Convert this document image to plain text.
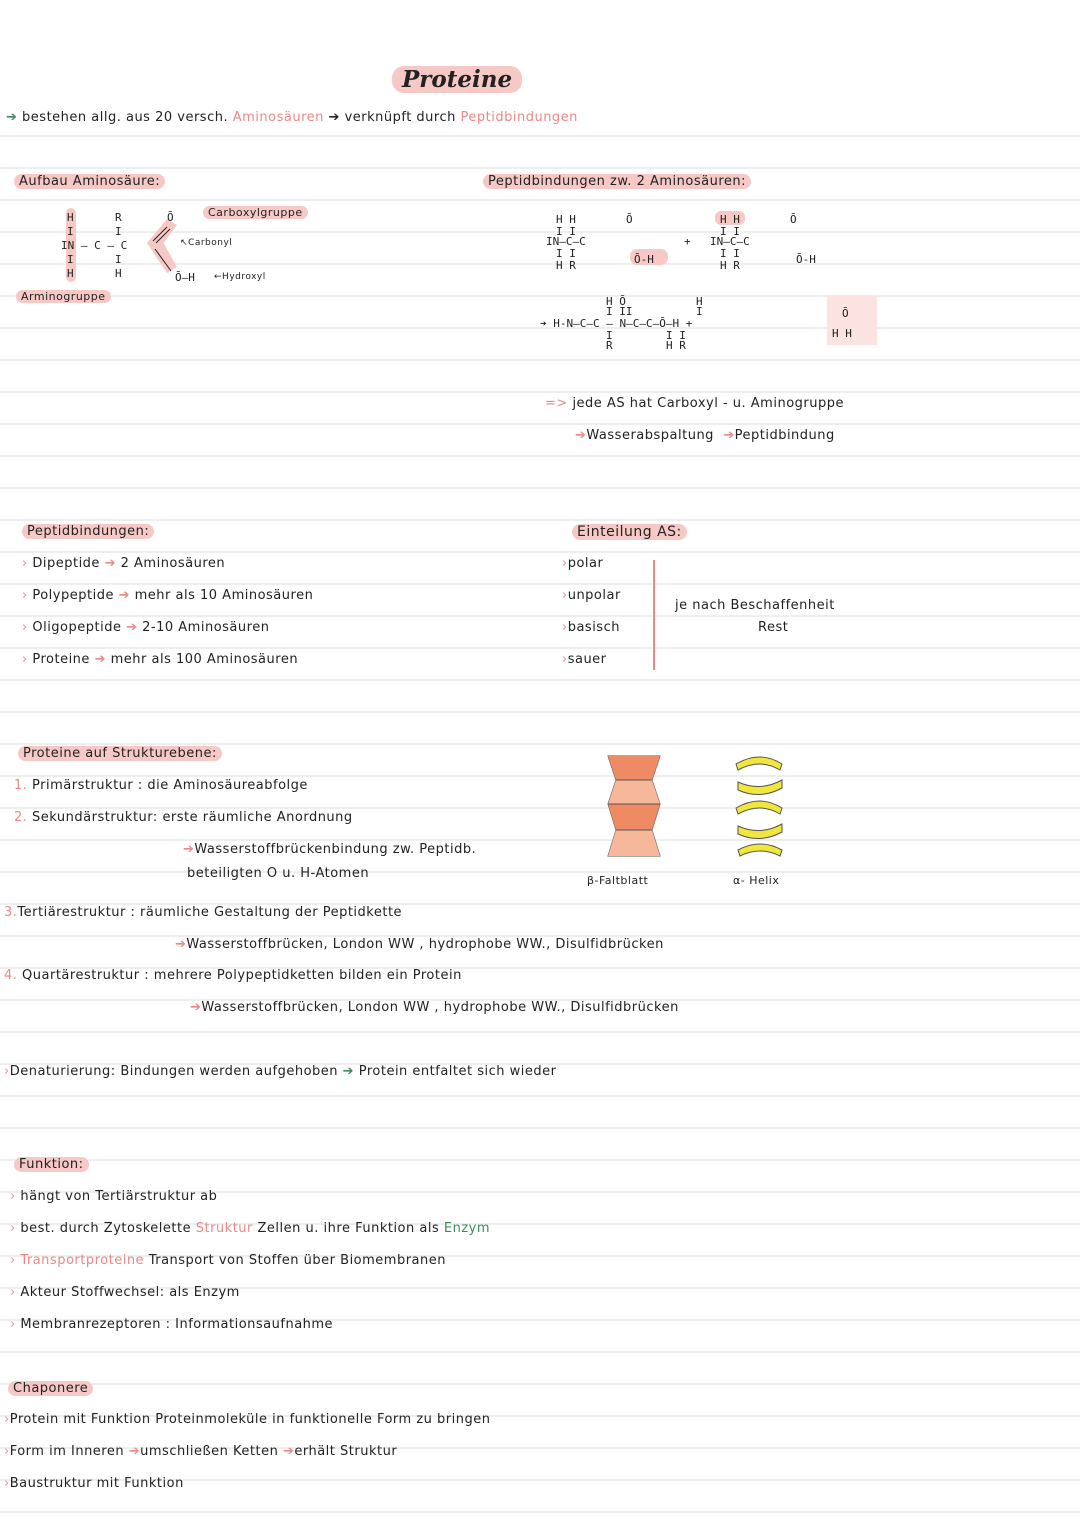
Proteine
➔ bestehen allg. aus 20 versch. Aminosäuren ➔ verknüpft durch Peptidbindungen
Aufbau Aminosäure:
H
I
IN — C — C
I
H
R
I
I
H
Ō
Ō—H
Carboxylgruppe
↖Carbonyl
←Hydroxyl
Arminogruppe
Peptidbindungen zw. 2 Aminosäuren:
H H
I I
IN—C—C
I I
H R
Ō
Ō-H
+
H H
I I
IN—C—C
I I
H R
Ō
Ō-H
H Ō	H
I II	I
➔ H-N—C—C — N—C—C—Ō—H +
I	I I
R	H R
Ō
H H
=> jede AS hat Carboxyl - u. Aminogruppe
➔Wasserabspaltung ➔Peptidbindung
Peptidbindungen:
› Dipeptide ➔ 2 Aminosäuren
› Polypeptide ➔ mehr als 10 Aminosäuren
› Oligopeptide ➔ 2-10 Aminosäuren
› Proteine ➔ mehr als 100 Aminosäuren
Einteilung AS:
›polar
›unpolar
›basisch
›sauer
je nach Beschaffenheit
Rest
Proteine auf Strukturebene:
1. Primärstruktur : die Aminosäureabfolge
2. Sekundärstruktur: erste räumliche Anordnung
➔Wasserstoffbrückenbindung zw. Peptidb.
beteiligten O u. H-Atomen	β-Faltblatt	α- Helix
3.Tertiärestruktur : räumliche Gestaltung der Peptidkette
➔Wasserstoffbrücken, London WW , hydrophobe WW., Disulfidbrücken
4. Quartärestruktur : mehrere Polypeptidketten bilden ein Protein
➔Wasserstoffbrücken, London WW , hydrophobe WW., Disulfidbrücken
›Denaturierung: Bindungen werden aufgehoben ➔ Protein entfaltet sich wieder
Funktion:
› hängt von Tertiärstruktur ab
› best. durch Zytoskelette Struktur Zellen u. ihre Funktion als Enzym
› Transportproteine Transport von Stoffen über Biomembranen
› Akteur Stoffwechsel: als Enzym
› Membranrezeptoren : Informationsaufnahme
Chaponere
›Protein mit Funktion Proteinmoleküle in funktionelle Form zu bringen
›Form im Inneren ➔umschließen Ketten ➔erhält Struktur
›Baustruktur mit Funktion
